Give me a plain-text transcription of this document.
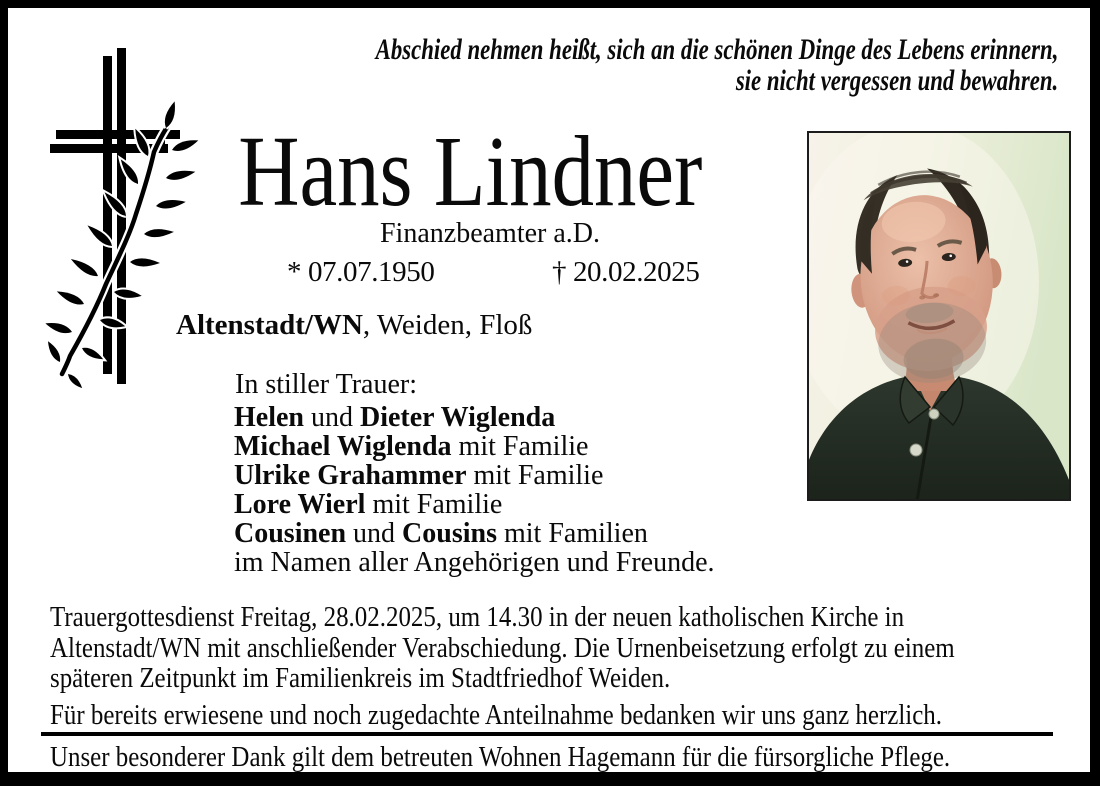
Abschied nehmen heißt, sich an die schönen Dinge des Lebens erinnern,
sie nicht vergessen und bewahren.
Hans Lindner
Finanzbeamter a.D.
* 07.07.1950	† 20.02.2025
Altenstadt/WN, Weiden, Floß
In stiller Trauer:
Helen und Dieter Wiglenda
Michael Wiglenda mit Familie
Ulrike Grahammer mit Familie
Lore Wierl mit Familie
Cousinen und Cousins mit Familien
im Namen aller Angehörigen und Freunde.
Trauergottesdienst Freitag, 28.02.2025, um 14.30 in der neuen katholischen Kirche in
Altenstadt/WN mit anschließender Verabschiedung. Die Urnenbeisetzung erfolgt zu einem
späteren Zeitpunkt im Familienkreis im Stadtfriedhof Weiden.
Für bereits erwiesene und noch zugedachte Anteilnahme bedanken wir uns ganz herzlich.
Unser besonderer Dank gilt dem betreuten Wohnen Hagemann für die fürsorgliche Pflege.
